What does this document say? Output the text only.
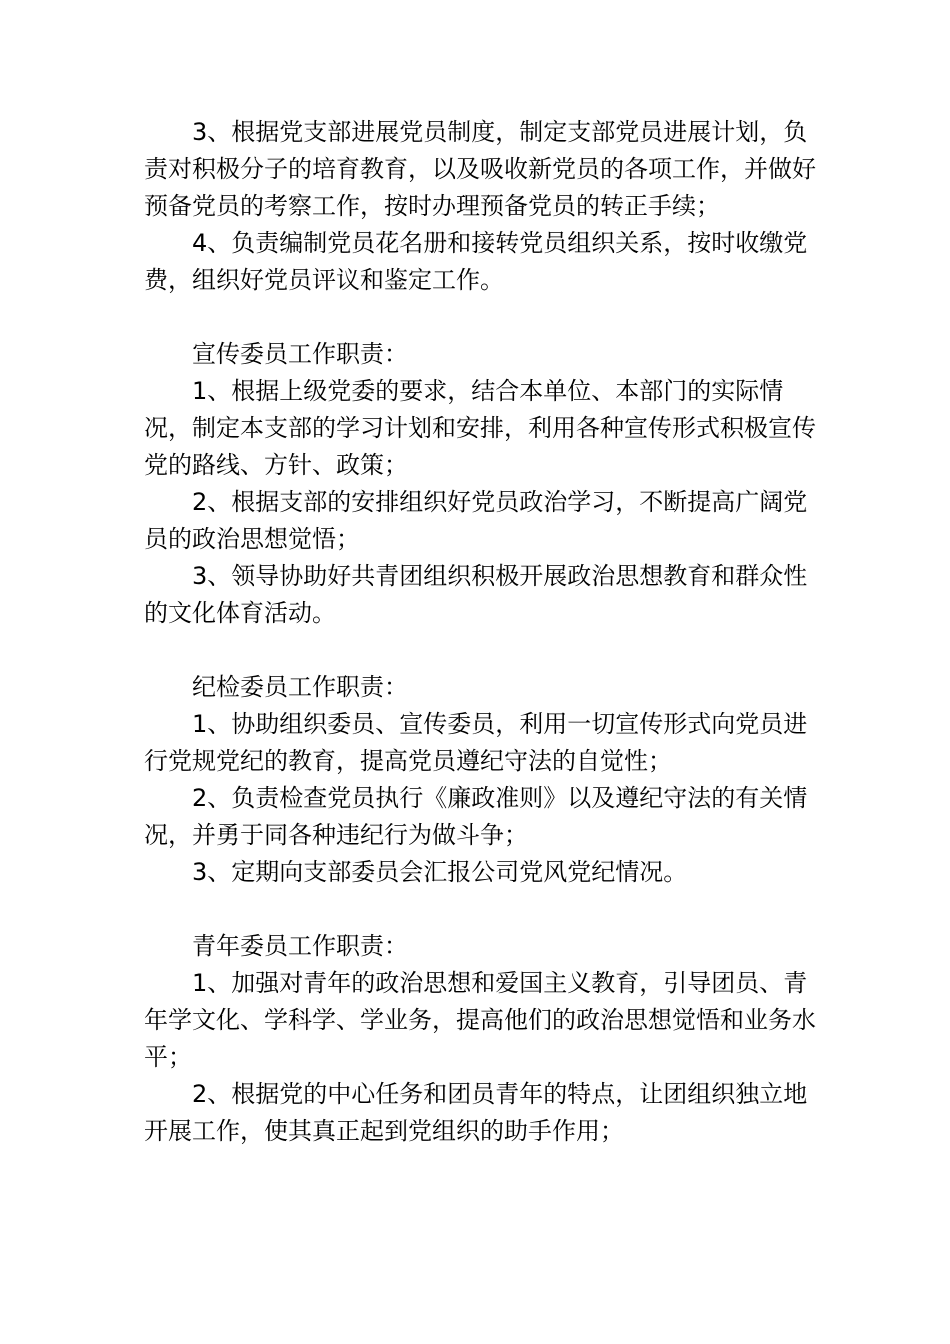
3、根据党支部进展党员制度，制定支部党员进展计划，负责对积极分子的培育教育，以及吸收新党员的各项工作，并做好预备党员的考察工作，按时办理预备党员的转正手续；

4、负责编制党员花名册和接转党员组织关系，按时收缴党费，组织好党员评议和鉴定工作。

宣传委员工作职责：

1、根据上级党委的要求，结合本单位、本部门的实际情况，制定本支部的学习计划和安排，利用各种宣传形式积极宣传党的路线、方针、政策；

2、根据支部的安排组织好党员政治学习，不断提高广阔党员的政治思想觉悟；

3、领导协助好共青团组织积极开展政治思想教育和群众性的文化体育活动。

纪检委员工作职责：

1、协助组织委员、宣传委员，利用一切宣传形式向党员进行党规党纪的教育，提高党员遵纪守法的自觉性；

2、负责检查党员执行《廉政准则》以及遵纪守法的有关情况，并勇于同各种违纪行为做斗争；

3、定期向支部委员会汇报公司党风党纪情况。

青年委员工作职责：

1、加强对青年的政治思想和爱国主义教育，引导团员、青年学文化、学科学、学业务，提高他们的政治思想觉悟和业务水平；

2、根据党的中心任务和团员青年的特点，让团组织独立地开展工作，使其真正起到党组织的助手作用；
